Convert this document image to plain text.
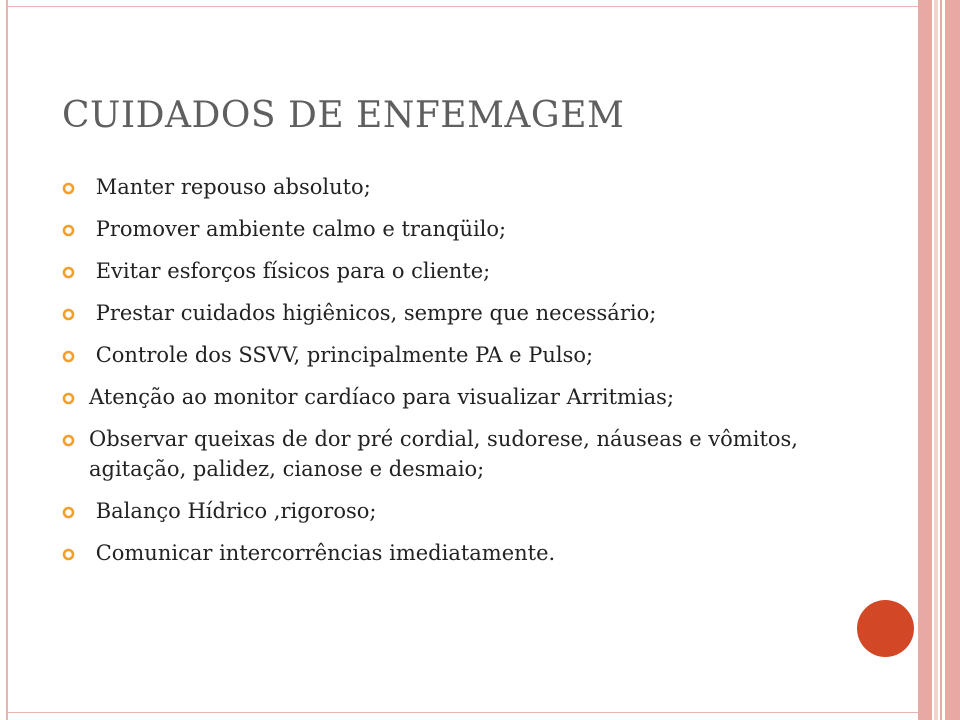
CUIDADOS DE ENFEMAGEM
Manter repouso absoluto;
Promover ambiente calmo e tranqüilo;
Evitar esforços físicos para o cliente;
Prestar cuidados higiênicos, sempre que necessário;
Controle dos SSVV, principalmente PA e Pulso;
Atenção ao monitor cardíaco para visualizar Arritmias;
Observar queixas de dor pré cordial, sudorese, náuseas e vômitos, agitação, palidez, cianose e desmaio;
Balanço Hídrico ,rigoroso;
Comunicar intercorrências imediatamente.
